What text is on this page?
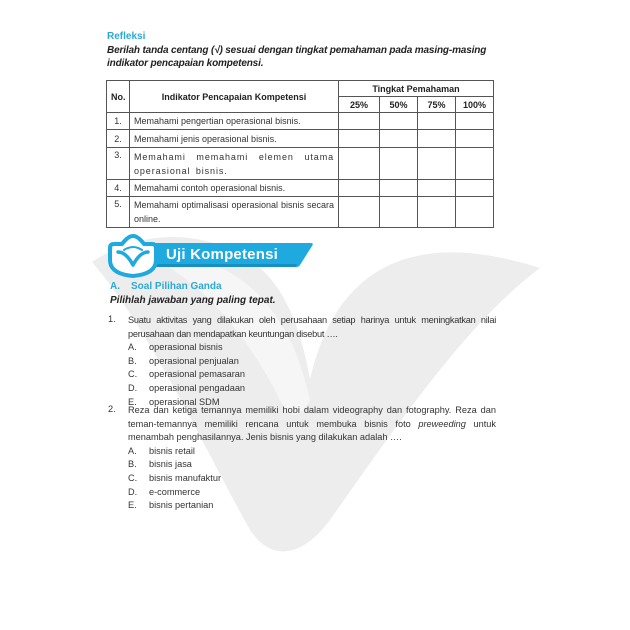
Refleksi
Berilah tanda centang (√) sesuai dengan tingkat pemahaman pada masing-masing indikator pencapaian kompetensi.
No.	Indikator Pencapaian Kompetensi	Tingkat Pemahaman			
		25%	50%	75%	100%
1.	Memahami pengertian operasional bisnis.				
2.	Memahami jenis operasional bisnis.				
3.	Memahami memahami elemen utama operasional bisnis.				
4.	Memahami contoh operasional bisnis.				
5.	Memahami optimalisasi operasional bisnis secara online.				
Uji Kompetensi
A. Soal Pilihan Ganda
Pilihlah jawaban yang paling tepat.
1. Suatu aktivitas yang dilakukan oleh perusahaan setiap harinya untuk meningkatkan nilai perusahaan dan mendapatkan keuntungan disebut ….
A. operasional bisnis
B. operasional penjualan
C. operasional pemasaran
D. operasional pengadaan
E. operasional SDM
2. Reza dan ketiga temannya memiliki hobi dalam videography dan fotography. Reza dan teman-temannya memiliki rencana untuk membuka bisnis foto preweeding untuk menambah penghasilannya. Jenis bisnis yang dilakukan adalah ….
A. bisnis retail
B. bisnis jasa
C. bisnis manufaktur
D. e-commerce
E. bisnis pertanian
